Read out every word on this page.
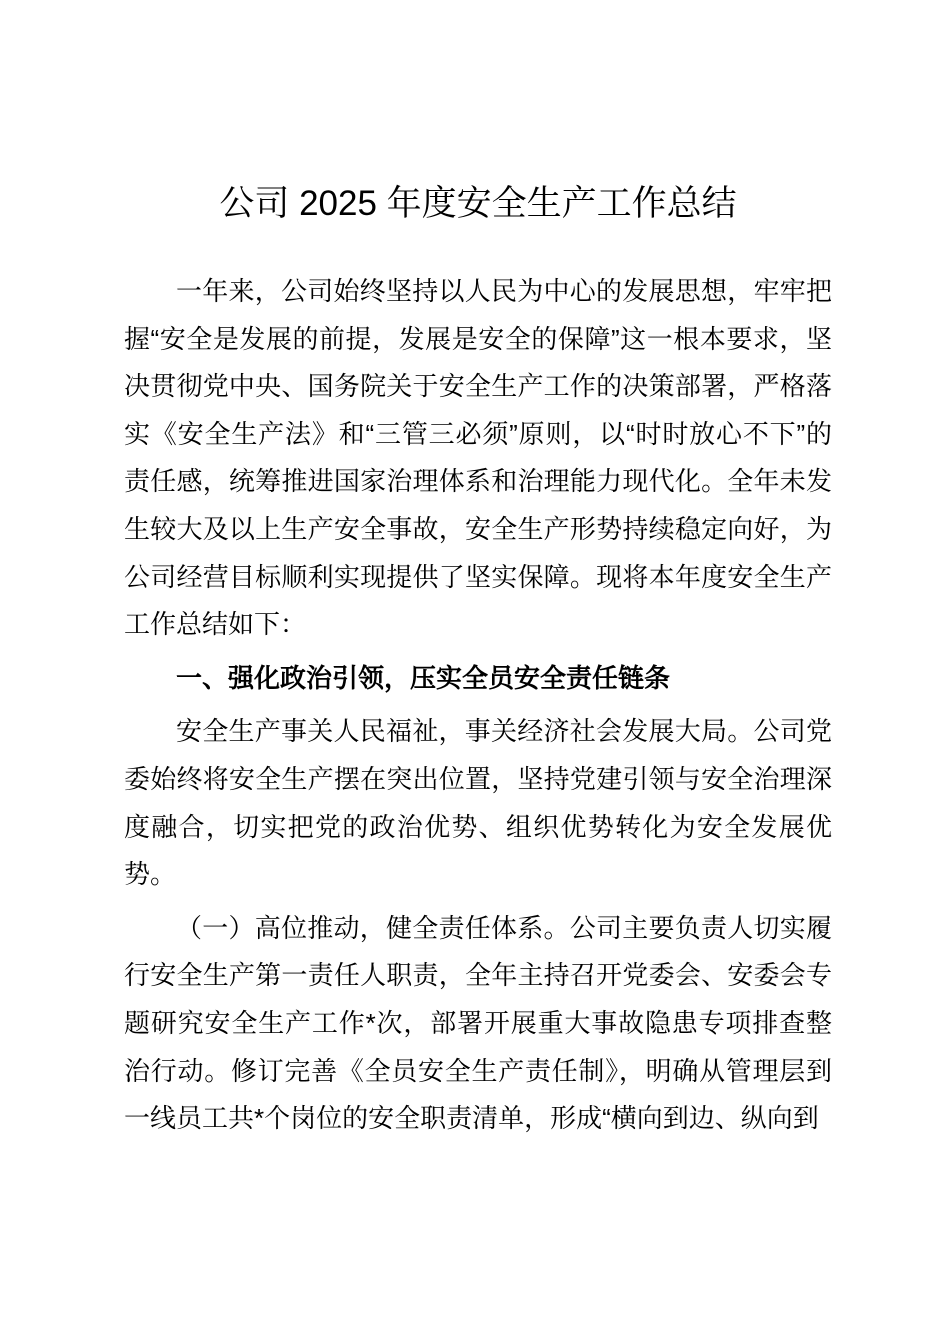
公司 2025 年度安全生产工作总结

一年来，公司始终坚持以人民为中心的发展思想，牢牢把握“安全是发展的前提，发展是安全的保障”这一根本要求，坚决贯彻党中央、国务院关于安全生产工作的决策部署，严格落实《安全生产法》和“三管三必须”原则，以“时时放心不下”的责任感，统筹推进国家治理体系和治理能力现代化。全年未发生较大及以上生产安全事故，安全生产形势持续稳定向好，为公司经营目标顺利实现提供了坚实保障。现将本年度安全生产工作总结如下：

一、强化政治引领，压实全员安全责任链条

安全生产事关人民福祉，事关经济社会发展大局。公司党委始终将安全生产摆在突出位置，坚持党建引领与安全治理深度融合，切实把党的政治优势、组织优势转化为安全发展优势。

（一）高位推动，健全责任体系。公司主要负责人切实履行安全生产第一责任人职责，全年主持召开党委会、安委会专题研究安全生产工作*次，部署开展重大事故隐患专项排查整治行动。修订完善《全员安全生产责任制》，明确从管理层到一线员工共*个岗位的安全职责清单，形成“横向到边、纵向到
